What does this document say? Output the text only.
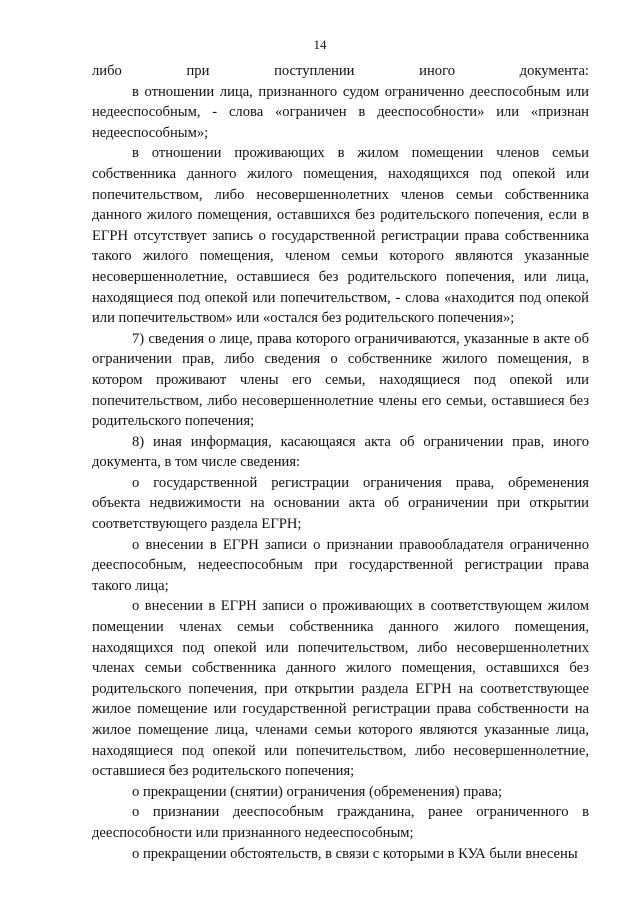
14

либо при поступлении иного документа:

в отношении лица, признанного судом ограниченно дееспособным или недееспособным, - слова «ограничен в дееспособности» или «признан недееспособным»;

в отношении проживающих в жилом помещении членов семьи собственника данного жилого помещения, находящихся под опекой или попечительством, либо несовершеннолетних членов семьи собственника данного жилого помещения, оставшихся без родительского попечения, если в ЕГРН отсутствует запись о государственной регистрации права собственника такого жилого помещения, членом семьи которого являются указанные несовершеннолетние, оставшиеся без родительского попечения, или лица, находящиеся под опекой или попечительством, - слова «находится под опекой или попечительством» или «остался без родительского попечения»;

7) сведения о лице, права которого ограничиваются, указанные в акте об ограничении прав, либо сведения о собственнике жилого помещения, в котором проживают члены его семьи, находящиеся под опекой или попечительством, либо несовершеннолетние члены его семьи, оставшиеся без родительского попечения;

8) иная информация, касающаяся акта об ограничении прав, иного документа, в том числе сведения:

о государственной регистрации ограничения права, обременения объекта недвижимости на основании акта об ограничении при открытии соответствующего раздела ЕГРН;

о внесении в ЕГРН записи о признании правообладателя ограниченно дееспособным, недееспособным при государственной регистрации права такого лица;

о внесении в ЕГРН записи о проживающих в соответствующем жилом помещении членах семьи собственника данного жилого помещения, находящихся под опекой или попечительством, либо несовершеннолетних членах семьи собственника данного жилого помещения, оставшихся без родительского попечения, при открытии раздела ЕГРН на соответствующее жилое помещение или государственной регистрации права собственности на жилое помещение лица, членами семьи которого являются указанные лица, находящиеся под опекой или попечительством, либо несовершеннолетние, оставшиеся без родительского попечения;

о прекращении (снятии) ограничения (обременения) права;

о признании дееспособным гражданина, ранее ограниченного в дееспособности или признанного недееспособным;

о прекращении обстоятельств, в связи с которыми в КУА были внесены
